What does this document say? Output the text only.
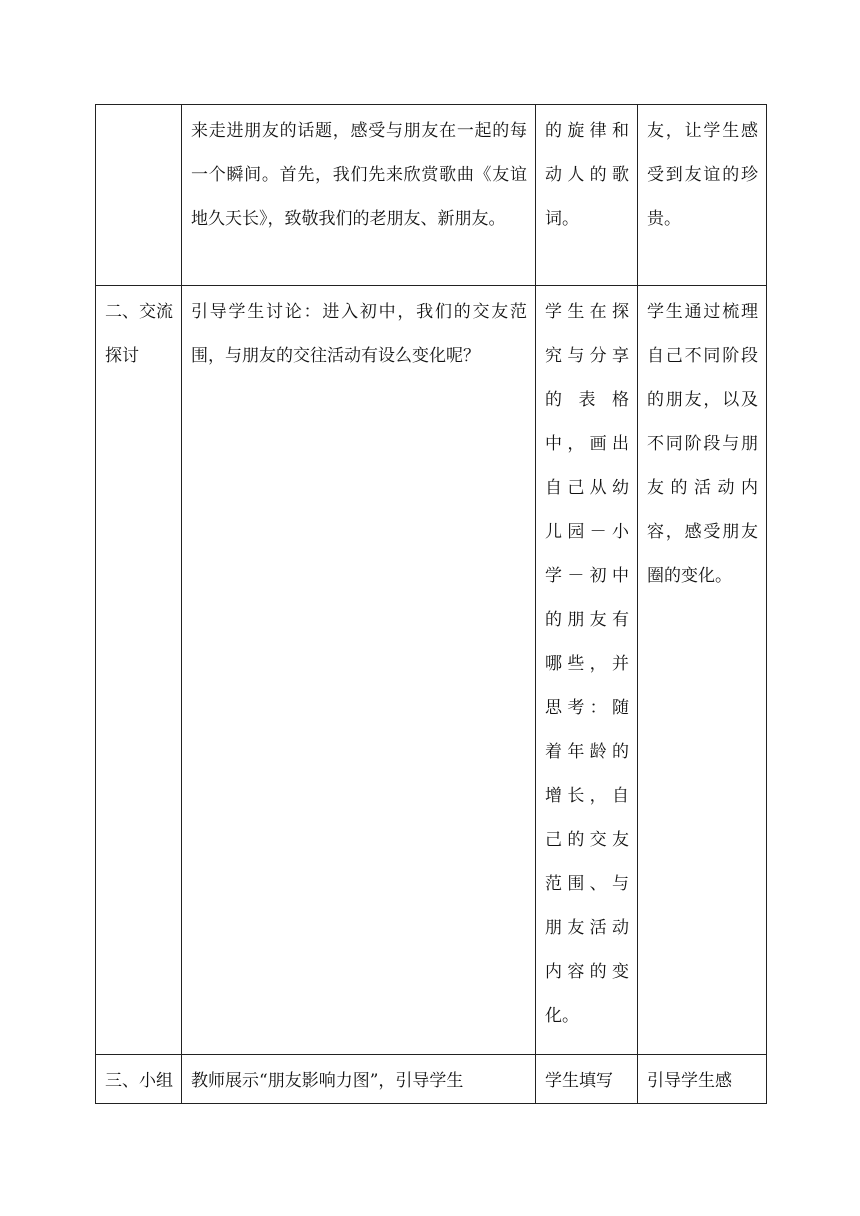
	来走进朋友的话题，感受与朋友在一起的每一个瞬间。首先，我们先来欣赏歌曲《友谊地久天长》，致敬我们的老朋友、新朋友。	的旋律和动人的歌词。	友，让学生感受到友谊的珍贵。

二、交流探讨	引导学生讨论：进入初中，我们的交友范围，与朋友的交往活动有设么变化呢？	学生在探究与分享的表格中，画出自己从幼儿园－小学－初中的朋友有哪些，并思考：随着年龄的增长，自己的交友范围、与朋友活动内容的变化。	学生通过梳理自己不同阶段的朋友，以及不同阶段与朋友的活动内容，感受朋友圈的变化。

三、小组	教师展示“朋友影响力图”，引导学生	学生填写	引导学生感
